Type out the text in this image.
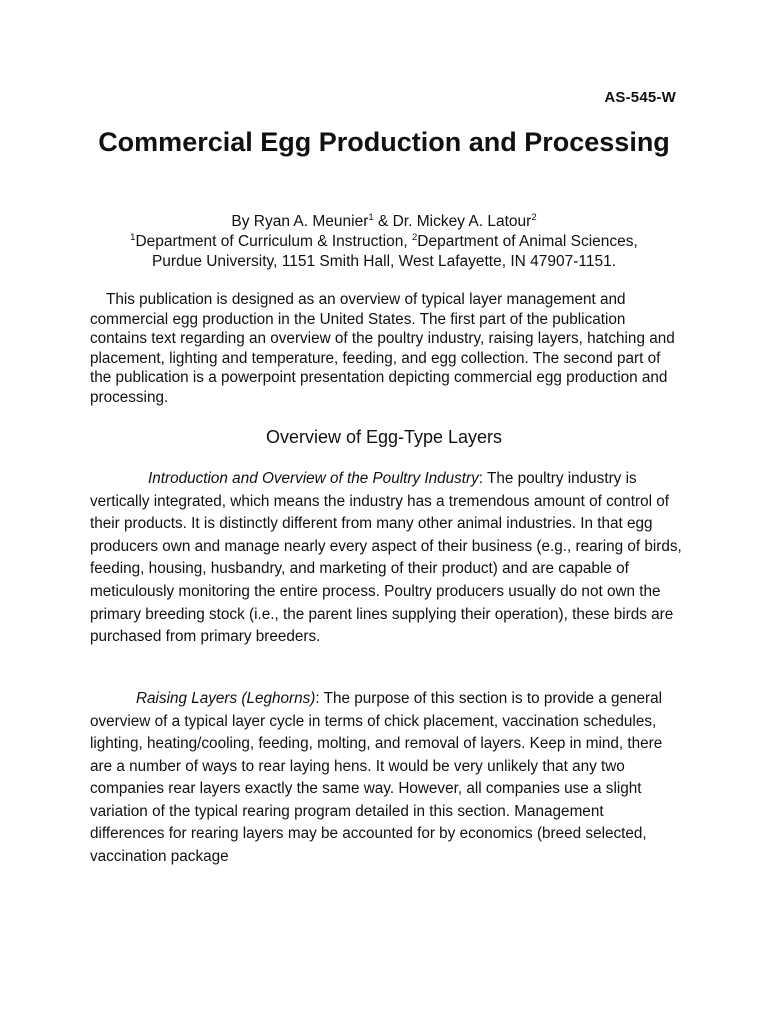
AS-545-W
Commercial Egg Production and Processing
By Ryan A. Meunier$^1$ & Dr. Mickey A. Latour$^2$
$^1$Department of Curriculum & Instruction, $^2$Department of Animal Sciences,
Purdue University, 1151 Smith Hall, West Lafayette, IN 47907-1151.

This publication is designed as an overview of typical layer management and commercial egg production in the United States. The first part of the publication contains text regarding an overview of the poultry industry, raising layers, hatching and placement, lighting and temperature, feeding, and egg collection. The second part of the publication is a powerpoint presentation depicting commercial egg production and processing.

Overview of Egg-Type Layers

Introduction and Overview of the Poultry Industry: The poultry industry is vertically integrated, which means the industry has a tremendous amount of control of their products. It is distinctly different from many other animal industries. In that egg producers own and manage nearly every aspect of their business (e.g., rearing of birds, feeding, housing, husbandry, and marketing of their product) and are capable of meticulously monitoring the entire process. Poultry producers usually do not own the primary breeding stock (i.e., the parent lines supplying their operation), these birds are purchased from primary breeders.

Raising Layers (Leghorns): The purpose of this section is to provide a general overview of a typical layer cycle in terms of chick placement, vaccination schedules, lighting, heating/cooling, feeding, molting, and removal of layers. Keep in mind, there are a number of ways to rear laying hens. It would be very unlikely that any two companies rear layers exactly the same way. However, all companies use a slight variation of the typical rearing program detailed in this section. Management differences for rearing layers may be accounted for by economics (breed selected, vaccination package
